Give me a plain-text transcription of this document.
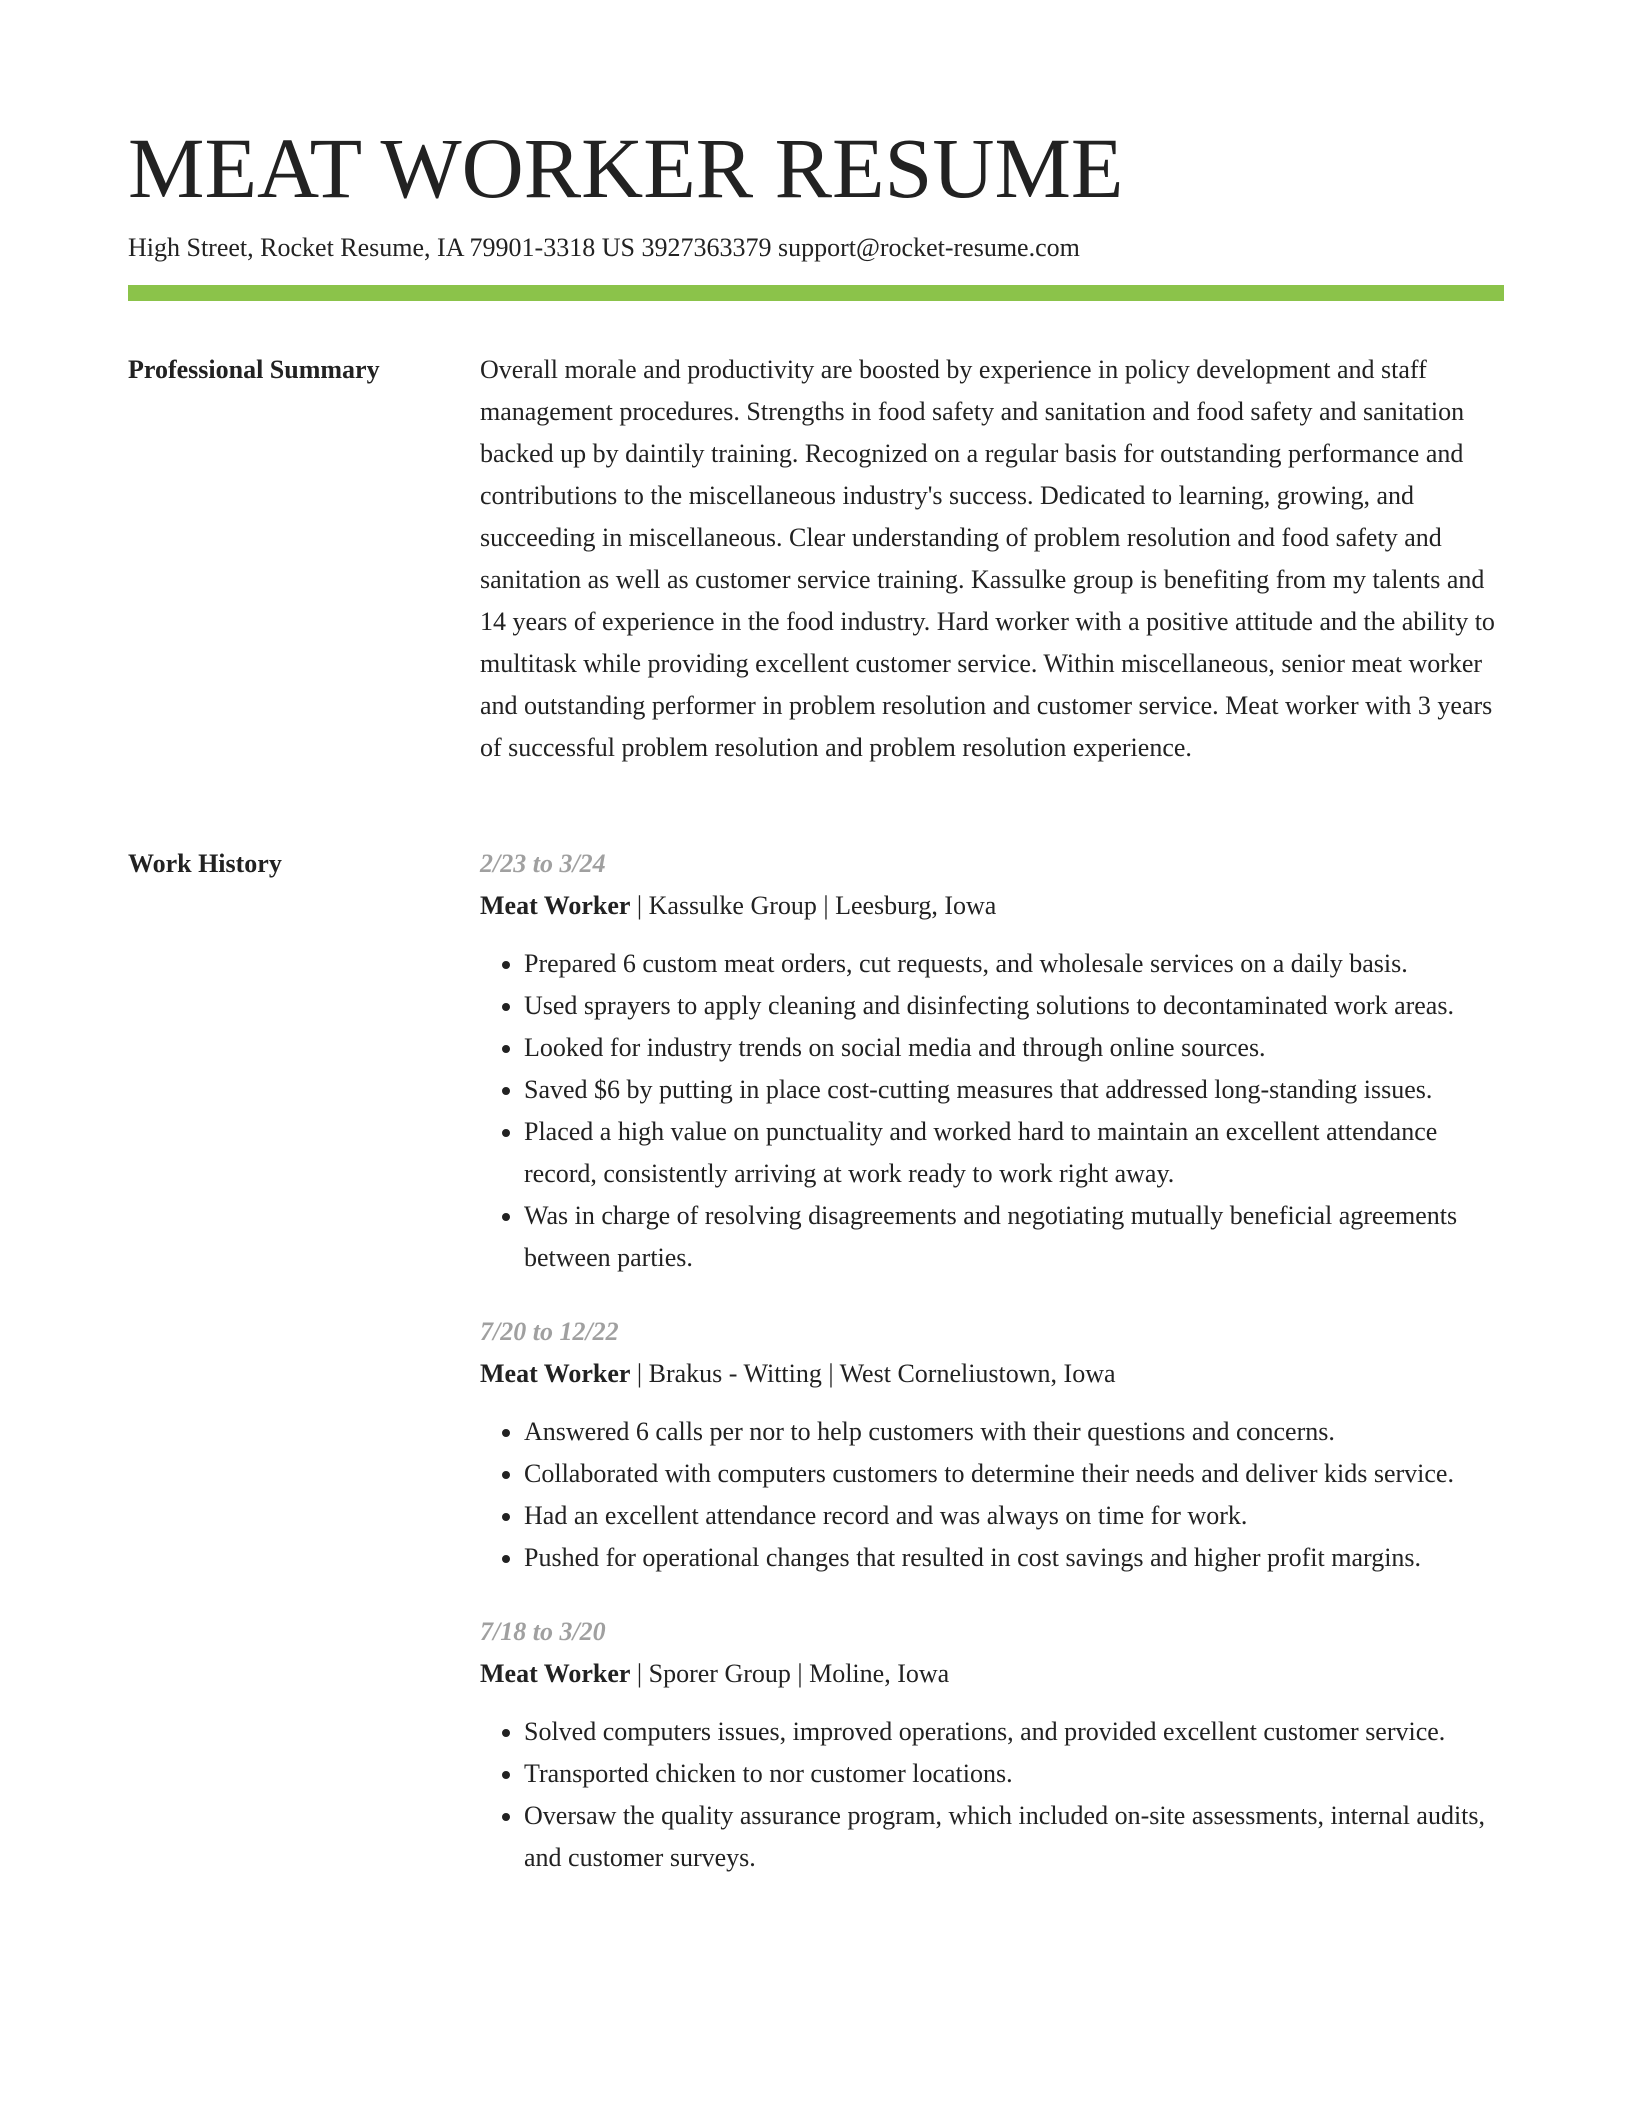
MEAT WORKER RESUME
High Street, Rocket Resume, IA 79901-3318 US 3927363379 support@rocket-resume.com
Professional Summary	Overall morale and productivity are boosted by experience in policy development and staff management procedures. Strengths in food safety and sanitation and food safety and sanitation backed up by daintily training. Recognized on a regular basis for outstanding performance and contributions to the miscellaneous industry's success. Dedicated to learning, growing, and succeeding in miscellaneous. Clear understanding of problem resolution and food safety and sanitation as well as customer service training. Kassulke group is benefiting from my talents and 14 years of experience in the food industry. Hard worker with a positive attitude and the ability to multitask while providing excellent customer service. Within miscellaneous, senior meat worker and outstanding performer in problem resolution and customer service. Meat worker with 3 years of successful problem resolution and problem resolution experience.

Work History	2/23 to 3/24
Meat Worker | Kassulke Group | Leesburg, Iowa
• Prepared 6 custom meat orders, cut requests, and wholesale services on a daily basis.
• Used sprayers to apply cleaning and disinfecting solutions to decontaminated work areas.
• Looked for industry trends on social media and through online sources.
• Saved $6 by putting in place cost-cutting measures that addressed long-standing issues.
• Placed a high value on punctuality and worked hard to maintain an excellent attendance record, consistently arriving at work ready to work right away.
• Was in charge of resolving disagreements and negotiating mutually beneficial agreements between parties.
7/20 to 12/22
Meat Worker | Brakus - Witting | West Corneliustown, Iowa
• Answered 6 calls per nor to help customers with their questions and concerns.
• Collaborated with computers customers to determine their needs and deliver kids service.
• Had an excellent attendance record and was always on time for work.
• Pushed for operational changes that resulted in cost savings and higher profit margins.
7/18 to 3/20
Meat Worker | Sporer Group | Moline, Iowa
• Solved computers issues, improved operations, and provided excellent customer service.
• Transported chicken to nor customer locations.
• Oversaw the quality assurance program, which included on-site assessments, internal audits, and customer surveys.
